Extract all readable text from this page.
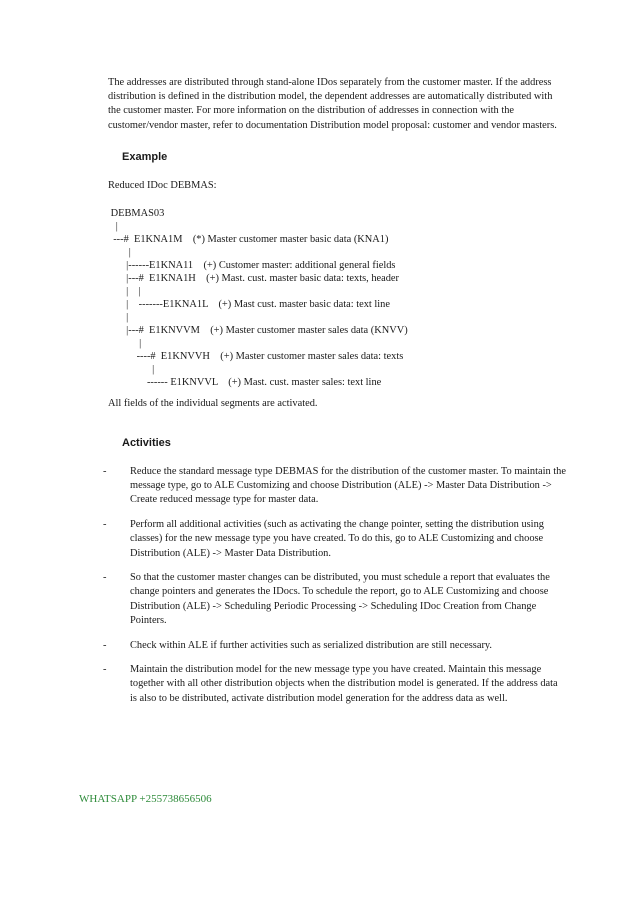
The addresses are distributed through stand-alone IDos separately from the customer master. If the address distribution is defined in the distribution model, the dependent addresses are automatically distributed with the customer master. For more information on the distribution of addresses in connection with the customer/vendor master, refer to documentation Distribution model proposal: customer and vendor masters.

Example

Reduced IDoc DEBMAS:

DEBMAS03
|
---#  E1KNA1M    (*) Master customer master basic data (KNA1)
|
|------E1KNA11    (+) Customer master: additional general fields
|---#  E1KNA1H    (+) Mast. cust. master basic data: texts, header
|    |
|    -------E1KNA1L    (+) Mast cust. master basic data: text line
|
|---#  E1KNVVM    (+) Master customer master sales data (KNVV)
|
----#  E1KNVVH    (+) Master customer master sales data: texts
|
------ E1KNVVL    (+) Mast. cust. master sales: text line

All fields of the individual segments are activated.

Activities

- Reduce the standard message type DEBMAS for the distribution of the customer master. To maintain the message type, go to ALE Customizing and choose Distribution (ALE) -> Master Data Distribution -> Create reduced message type for master data.
- Perform all additional activities (such as activating the change pointer, setting the distribution using classes) for the new message type you have created. To do this, go to ALE Customizing and choose Distribution (ALE) -> Master Data Distribution.
- So that the customer master changes can be distributed, you must schedule a report that evaluates the change pointers and generates the IDocs. To schedule the report, go to ALE Customizing and choose Distribution (ALE) -> Scheduling Periodic Processing -> Scheduling IDoc Creation from Change Pointers.
- Check within ALE if further activities such as serialized distribution are still necessary.
- Maintain the distribution model for the new message type you have created. Maintain this message together with all other distribution objects when the distribution model is generated. If the address data is also to be distributed, activate distribution model generation for the address data as well.

WHATSAPP +255738656506
